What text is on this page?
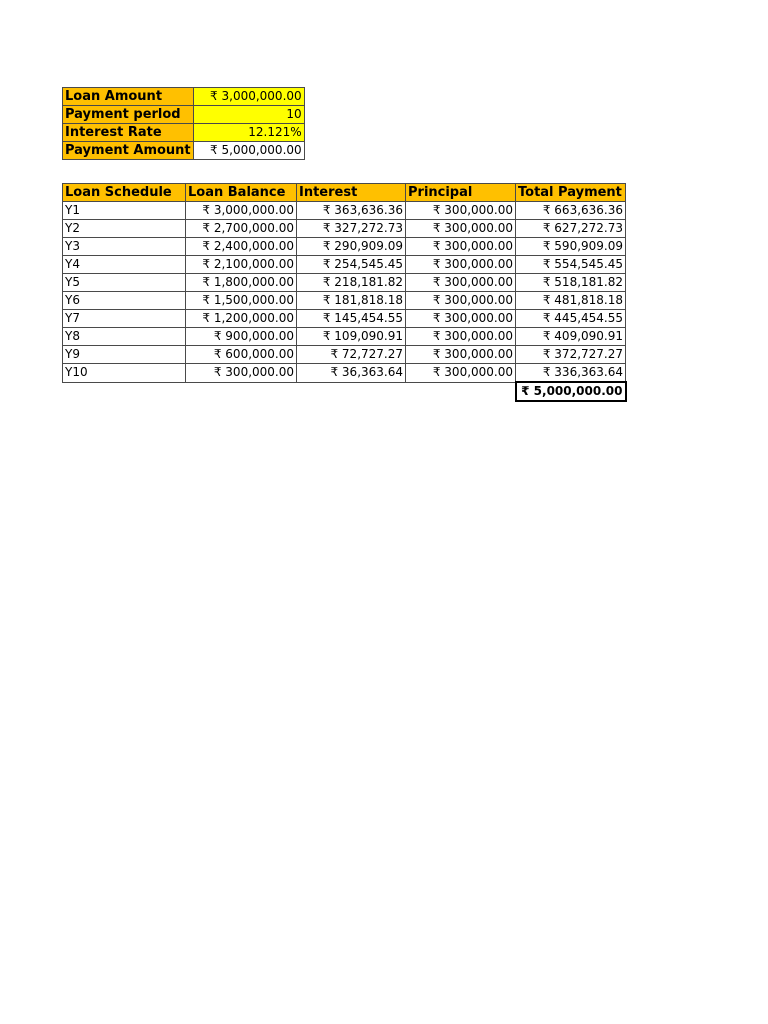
Loan Amount	₹ 3,000,000.00
Payment perlod	10
Interest Rate	12.121%
Payment Amount	₹ 5,000,000.00
Loan Schedule	Loan Balance	Interest	Principal	Total Payment
Y1	₹ 3,000,000.00	₹ 363,636.36	₹ 300,000.00	₹ 663,636.36
Y2	₹ 2,700,000.00	₹ 327,272.73	₹ 300,000.00	₹ 627,272.73
Y3	₹ 2,400,000.00	₹ 290,909.09	₹ 300,000.00	₹ 590,909.09
Y4	₹ 2,100,000.00	₹ 254,545.45	₹ 300,000.00	₹ 554,545.45
Y5	₹ 1,800,000.00	₹ 218,181.82	₹ 300,000.00	₹ 518,181.82
Y6	₹ 1,500,000.00	₹ 181,818.18	₹ 300,000.00	₹ 481,818.18
Y7	₹ 1,200,000.00	₹ 145,454.55	₹ 300,000.00	₹ 445,454.55
Y8	₹ 900,000.00	₹ 109,090.91	₹ 300,000.00	₹ 409,090.91
Y9	₹ 600,000.00	₹ 72,727.27	₹ 300,000.00	₹ 372,727.27
Y10	₹ 300,000.00	₹ 36,363.64	₹ 300,000.00	₹ 336,363.64
				₹ 5,000,000.00
